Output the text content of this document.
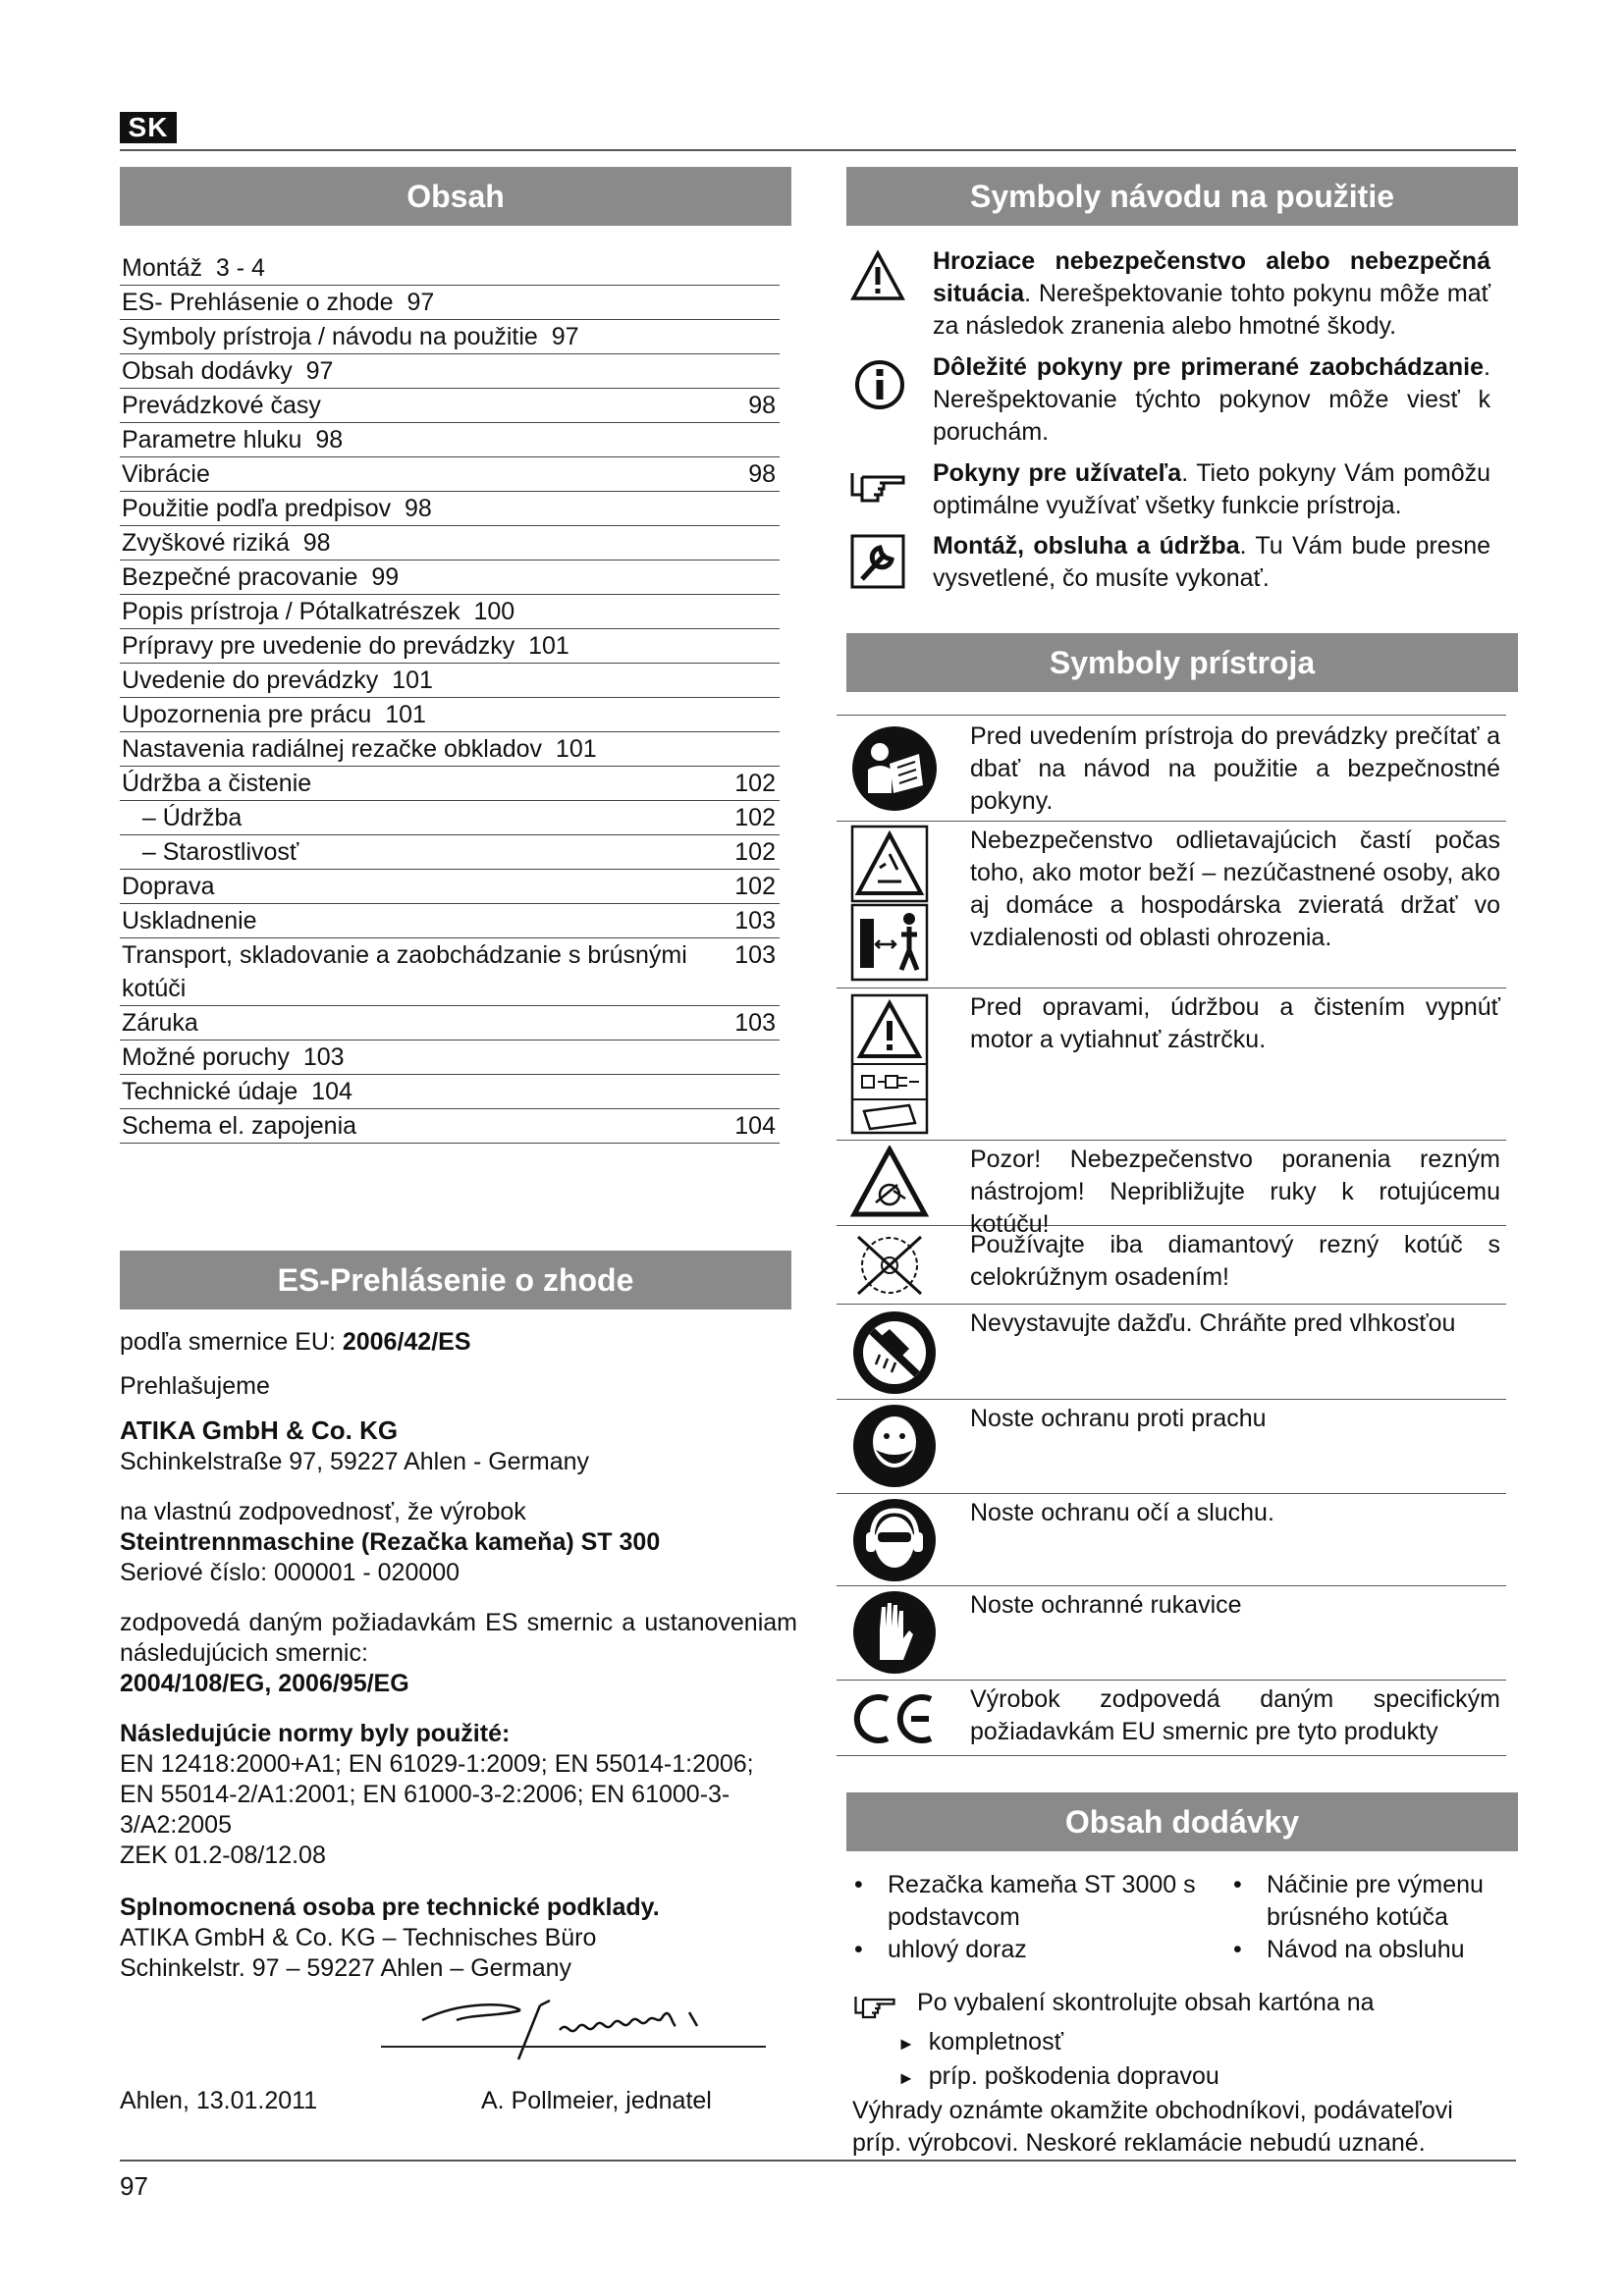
SK
Obsah
Montáž  3 - 4
ES- Prehlásenie o zhode  97
Symboly prístroja / návodu na použitie  97
Obsah dodávky  97
Prevádzkové časy	98
Parametre hluku  98
Vibrácie	98
Použitie podľa predpisov  98
Zvyškové riziká  98
Bezpečné pracovanie  99
Popis prístroja / Pótalkatrészek  100
Prípravy pre uvedenie do prevádzky  101
Uvedenie do prevádzky  101
Upozornenia pre prácu  101
Nastavenia radiálnej rezačke obkladov  101
Údržba a čistenie	102
– Údržba	102
– Starostlivosť	102
Doprava	102
Uskladnenie	103
Transport, skladovanie a zaobchádzanie s brúsnými kotúči
103
Záruka	103
Možné poruchy  103
Technické údaje  104
Schema el. zapojenia	104
ES-Prehlásenie o zhode

podľa smernice EU: 2006/42/ES

Prehlašujeme

ATIKA GmbH & Co. KG
Schinkelstraße 97, 59227 Ahlen - Germany

na vlastnú zodpovednosť, že výrobok
Steintrennmaschine (Rezačka kameňa) ST 300
Seriové číslo: 000001 - 020000

zodpovedá daným požiadavkám ES smernic a ustanoveniam následujúcich smernic:
2004/108/EG, 2006/95/EG

Následujúcie normy byly použité:
EN 12418:2000+A1; EN 61029-1:2009; EN 55014-1:2006;
EN 55014-2/A1:2001; EN 61000-3-2:2006; EN 61000-3-3/A2:2005
ZEK 01.2-08/12.08

Splnomocnená osoba pre technické podklady.
ATIKA GmbH & Co. KG – Technisches Büro
Schinkelstr. 97 – 59227 Ahlen – Germany

Ahlen, 13.01.2011	A. Pollmeier, jednatel
Symboly návodu na použitie
Hroziace nebezpečenstvo alebo nebezpečná situácia. Nerešpektovanie tohto pokynu môže mať za následok zranenia alebo hmotné škody.
Dôležité pokyny pre primerané zaobchádzanie. Nerešpektovanie týchto pokynov môže viesť k poruchám.
Pokyny pre užívateľa. Tieto pokyny Vám pomôžu optimálne využívať všetky funkcie prístroja.
Montáž, obsluha a údržba. Tu Vám bude presne vysvetlené, čo musíte vykonať.
Symboly prístroja
Pred uvedením prístroja do prevádzky prečítať a dbať na návod na použitie a bezpečnostné pokyny.
Nebezpečenstvo odlietavajúcich častí počas toho, ako motor beží – nezúčastnené osoby, ako aj domáce a hospodárska zvieratá držať vo vzdialenosti od oblasti ohrozenia.
Pred opravami, údržbou a čistením vypnúť motor a vytiahnuť zástrčku.
Pozor! Nebezpečenstvo poranenia rezným nástrojom! Nepribližujte ruky k rotujúcemu kotúču!
Používajte iba diamantový rezný kotúč s celokrúžnym osadením!
Nevystavujte dažďu. Chráňte pred vlhkosťou
Noste ochranu proti prachu
Noste ochranu očí a sluchu.
Noste ochranné rukavice
Výrobok zodpovedá daným specifickým požiadavkám EU smernic pre tyto produkty
Obsah dodávky
• Rezačka kameňa ST 3000 s podstavcom
• uhlový doraz
• Náčinie pre výmenu brúsného kotúča
• Návod na obsluhu
Po vybalení skontrolujte obsah kartóna na
► kompletnosť
► príp. poškodenia dopravou
Výhrady oznámte okamžite obchodníkovi, podávateľovi príp. výrobcovi. Neskoré reklamácie nebudú uznané.
97
